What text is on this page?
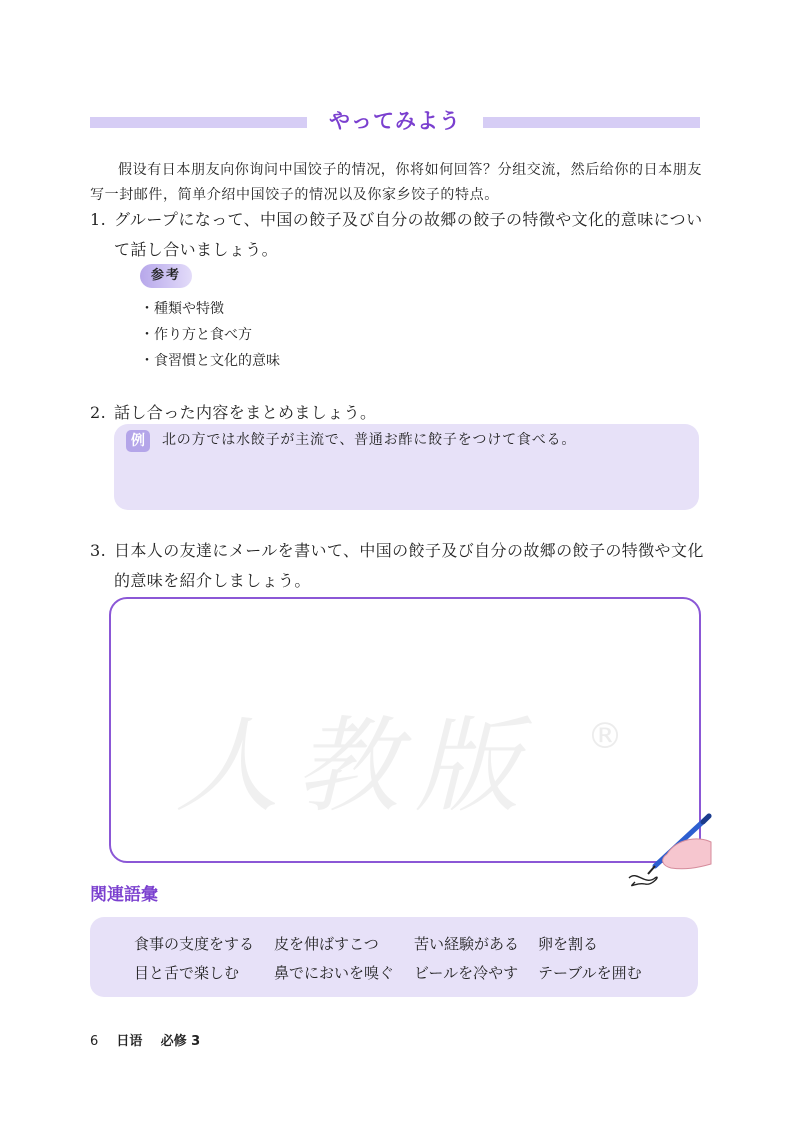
やってみよう

假设有日本朋友向你询问中国饺子的情况，你将如何回答？分组交流，然后给你的日本朋友写一封邮件，简单介绍中国饺子的情况以及你家乡饺子的特点。

1. グループになって、中国の餃子及び自分の故郷の餃子の特徴や文化的意味について話し合いましょう。
参考
・種類や特徴
・作り方と食べ方
・食習慣と文化的意味
2. 話し合った内容をまとめましょう。
例	北の方では水餃子が主流で、普通お酢に餃子をつけて食べる。
3. 日本人の友達にメールを書いて、中国の餃子及び自分の故郷の餃子の特徴や文化的意味を紹介しましょう。
人教版 ®
関連語彙
食事の支度をする	皮を伸ばすこつ	苦い経験がある	卵を割る
目と舌で楽しむ	鼻でにおいを嗅ぐ	ビールを冷やす	テーブルを囲む
6 日语 必修 3
